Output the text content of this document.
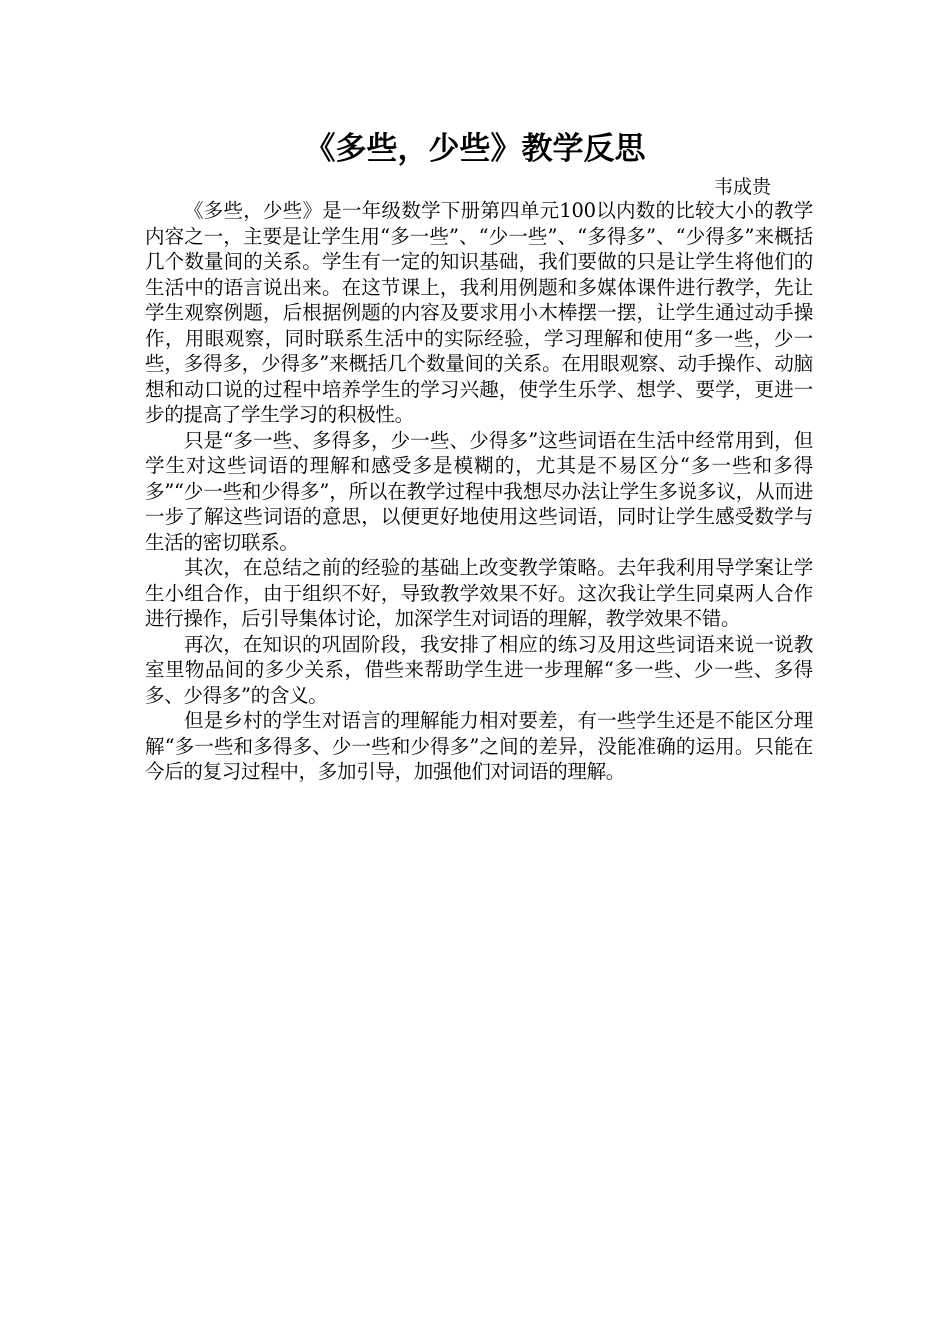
《多些，少些》教学反思

韦成贵

《多些，少些》是一年级数学下册第四单元100以内数的比较大小的教学内容之一，主要是让学生用“多一些”、“少一些”、“多得多”、“少得多”来概括几个数量间的关系。学生有一定的知识基础，我们要做的只是让学生将他们的生活中的语言说出来。在这节课上，我利用例题和多媒体课件进行教学，先让学生观察例题，后根据例题的内容及要求用小木棒摆一摆，让学生通过动手操作，用眼观察，同时联系生活中的实际经验，学习理解和使用“多一些，少一些，多得多，少得多”来概括几个数量间的关系。在用眼观察、动手操作、动脑想和动口说的过程中培养学生的学习兴趣，使学生乐学、想学、要学，更进一步的提高了学生学习的积极性。

只是“多一些、多得多，少一些、少得多”这些词语在生活中经常用到，但学生对这些词语的理解和感受多是模糊的，尤其是不易区分“多一些和多得多”“少一些和少得多”，所以在教学过程中我想尽办法让学生多说多议，从而进一步了解这些词语的意思，以便更好地使用这些词语，同时让学生感受数学与生活的密切联系。

其次，在总结之前的经验的基础上改变教学策略。去年我利用导学案让学生小组合作，由于组织不好，导致教学效果不好。这次我让学生同桌两人合作进行操作，后引导集体讨论，加深学生对词语的理解，教学效果不错。

再次，在知识的巩固阶段，我安排了相应的练习及用这些词语来说一说教室里物品间的多少关系，借些来帮助学生进一步理解“多一些、少一些、多得多、少得多”的含义。

但是乡村的学生对语言的理解能力相对要差，有一些学生还是不能区分理解“多一些和多得多、少一些和少得多”之间的差异，没能准确的运用。只能在今后的复习过程中，多加引导，加强他们对词语的理解。
